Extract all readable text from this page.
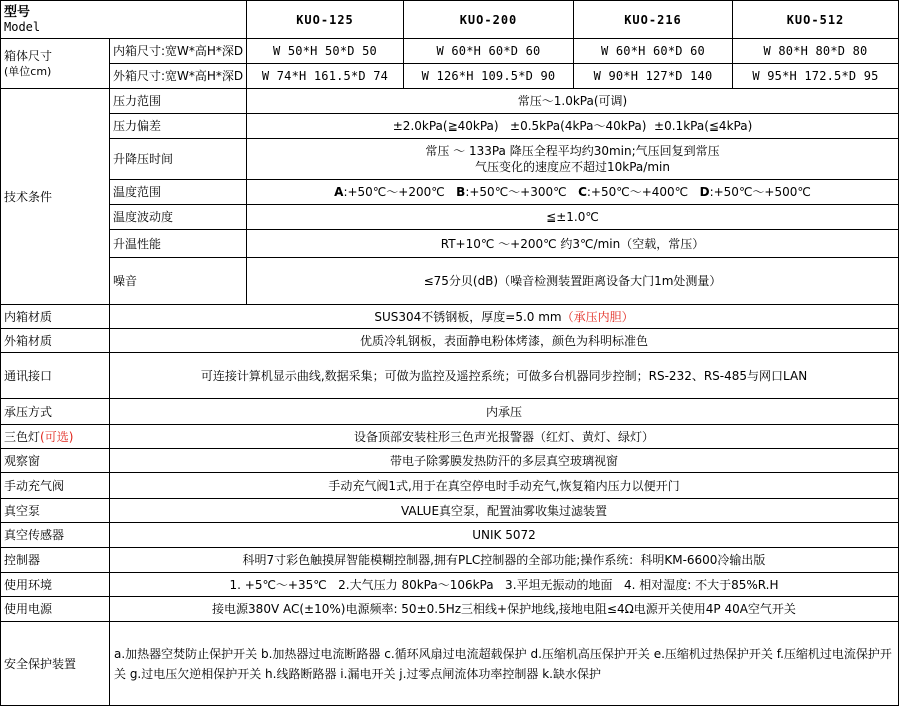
型号
Model		KUO-125	KUO-200	KUO-216	KUO-512
箱体尺寸
(单位cm)	内箱尺寸:宽W*高H*深D	W 50*H 50*D 50	W 60*H 60*D 60	W 60*H 60*D 60	W 80*H 80*D 80
	外箱尺寸:宽W*高H*深D	W 74*H 161.5*D 74	W 126*H 109.5*D 90	W 90*H 127*D 140	W 95*H 172.5*D 95
技术条件	压力范围	常压～1.0kPa(可调)			
	压力偏差	±2.0kPa(≧40kPa)   ±0.5kPa(4kPa～40kPa)  ±0.1kPa(≦4kPa)			
	升降压时间	常压 ～ 133Pa 降压全程平均约30min;气压回复到常压
气压变化的速度应不超过10kPa/min			

	温度范围	A:+50℃～+200℃ B:+50℃～+300℃ C:+50℃～+400℃ D:+50℃～+500℃			
	温度波动度	≦±1.0℃			
	升温性能	RT+10℃ ～+200℃ 约3℃/min（空载，常压）			
	噪音	≤75分贝(dB)（噪音检测装置距离设备大门1m处测量）			
内箱材质	SUS304不锈钢板，厚度=5.0 mm（承压内胆）				
外箱材质	优质冷轧钢板，表面静电粉体烤漆，颜色为科明标准色				
通讯接口	可连接计算机显示曲线,数据采集；可做为监控及遥控系统；可做多台机器同步控制；RS-232、RS-485与网口LAN				
承压方式	内承压				
三色灯(可选)	设备顶部安装柱形三色声光报警器（红灯、黄灯、绿灯）				
观察窗	带电子除雾膜发热防汗的多层真空玻璃视窗				
手动充气阀	手动充气阀1式,用于在真空停电时手动充气,恢复箱内压力以便开门				
真空泵	VALUE真空泵，配置油雾收集过滤装置				
真空传感器	UNIK 5072				
控制器	科明7寸彩色触摸屏智能模糊控制器,拥有PLC控制器的全部功能;操作系统：科明KM-6600冷输出版				
使用环境	1. +5℃～+35℃   2.大气压力 80kPa～106kPa   3.平坦无振动的地面   4. 相对湿度: 不大于85%R.H				
使用电源	接电源380V AC(±10%)电源频率: 50±0.5Hz三相线+保护地线,接地电阻≤4Ω电源开关使用4P 40A空气开关				
安全保护装置	a.加热器空焚防止保护开关 b.加热器过电流断路器 c.循环风扇过电流超载保护 d.压缩机高压保护开关 e.压缩机过热保护开关 f.压缩机过电流保护开关 g.过电压欠逆相保护开关 h.线路断路器 i.漏电开关 j.过零点闸流体功率控制器 k.缺水保护				
